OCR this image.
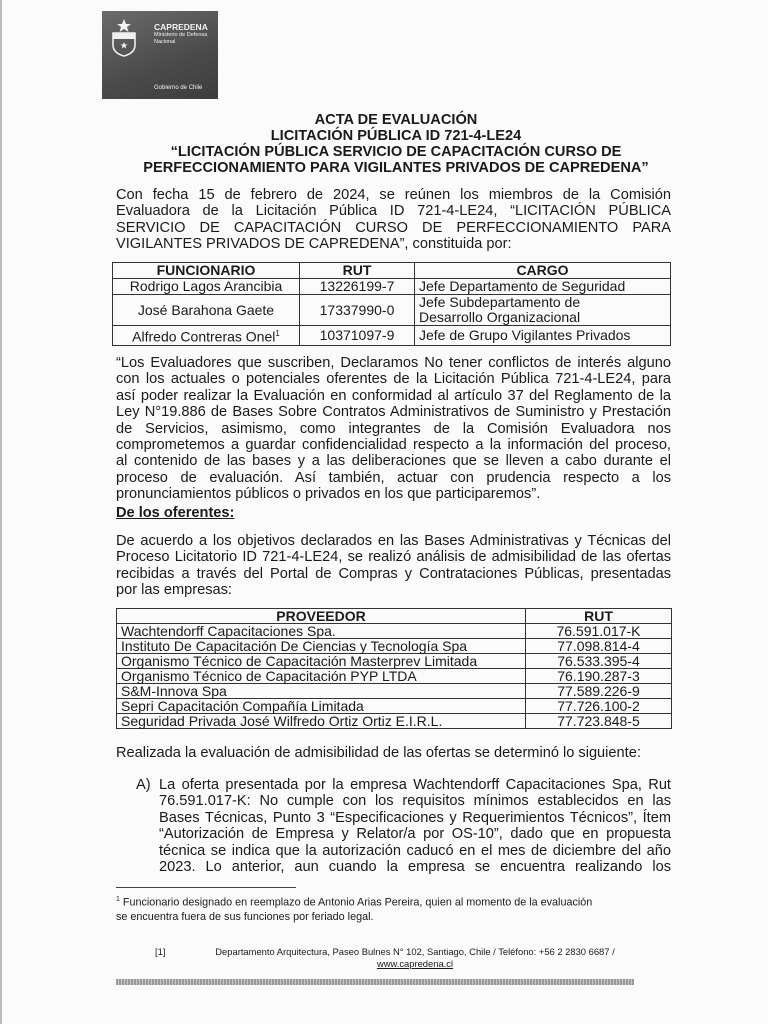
CAPREDENA
Ministerio de Defensa
Nacional
Gobierno de Chile
ACTA DE EVALUACIÓN
LICITACIÓN PÚBLICA ID 721-4-LE24
“LICITACIÓN PÚBLICA SERVICIO DE CAPACITACIÓN CURSO DE
PERFECCIONAMIENTO PARA VIGILANTES PRIVADOS DE CAPREDENA”
Con fecha 15 de febrero de 2024, se reúnen los miembros de la Comisión
Evaluadora de la Licitación Pública ID 721-4-LE24, “LICITACIÓN PÚBLICA
SERVICIO DE CAPACITACIÓN CURSO DE PERFECCIONAMIENTO PARA
VIGILANTES PRIVADOS DE CAPREDENA”, constituida por:
FUNCIONARIO	RUT	CARGO
Rodrigo Lagos Arancibia	13226199-7	Jefe Departamento de Seguridad
José Barahona Gaete	17337990-0	Jefe Subdepartamento de
Desarrollo Organizacional

Alfredo Contreras Onel$^1$	10371097-9	Jefe de Grupo Vigilantes Privados
“Los Evaluadores que suscriben, Declaramos No tener conflictos de interés alguno
con los actuales o potenciales oferentes de la Licitación Pública 721-4-LE24, para
así poder realizar la Evaluación en conformidad al artículo 37 del Reglamento de la
Ley N°19.886 de Bases Sobre Contratos Administrativos de Suministro y Prestación
de Servicios, asimismo, como integrantes de la Comisión Evaluadora nos
comprometemos a guardar confidencialidad respecto a la información del proceso,
al contenido de las bases y a las deliberaciones que se lleven a cabo durante el
proceso de evaluación. Así también, actuar con prudencia respecto a los
pronunciamientos públicos o privados en los que participaremos”.
De los oferentes:
De acuerdo a los objetivos declarados en las Bases Administrativas y Técnicas del
Proceso Licitatorio ID 721-4-LE24, se realizó análisis de admisibilidad de las ofertas
recibidas a través del Portal de Compras y Contrataciones Públicas, presentadas
por las empresas:
PROVEEDOR	RUT
Wachtendorff Capacitaciones Spa.	76.591.017-K
Instituto De Capacitación De Ciencias y Tecnología Spa	77.098.814-4
Organismo Técnico de Capacitación Masterprev Limitada	76.533.395-4
Organismo Técnico de Capacitación PYP LTDA	76.190.287-3
S&M-Innova Spa	77.589.226-9
Sepri Capacitación Compañía Limitada	77.726.100-2
Seguridad Privada José Wilfredo Ortiz Ortiz E.I.R.L.	77.723.848-5
Realizada la evaluación de admisibilidad de las ofertas se determinó lo siguiente:
A) La oferta presentada por la empresa Wachtendorff Capacitaciones Spa, Rut
76.591.017-K: No cumple con los requisitos mínimos establecidos en las
Bases Técnicas, Punto 3 “Especificaciones y Requerimientos Técnicos”, Ítem
“Autorización de Empresa y Relator/a por OS-10”, dado que en propuesta
técnica se indica que la autorización caducó en el mes de diciembre del año
2023. Lo anterior, aun cuando la empresa se encuentra realizando los
$^1$ Funcionario designado en reemplazo de Antonio Arias Pereira, quien al momento de la evaluación
se encuentra fuera de sus funciones por feriado legal.
[1]	Departamento Arquitectura, Paseo Bulnes N° 102, Santiago, Chile / Teléfono: +56 2 2830 6687 /
www.capredena.cl
